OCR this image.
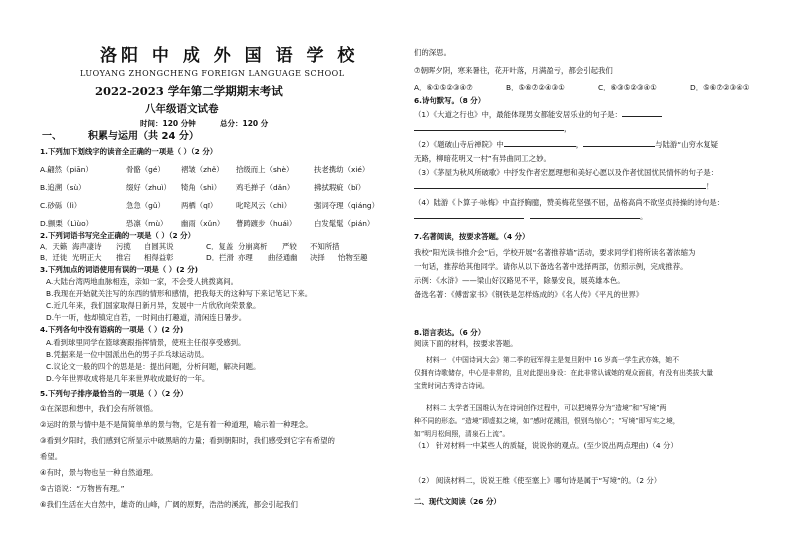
洛阳 中 成 外 国 语 学 校
LUOYANG ZHONGCHENG FOREIGN LANGUAGE SCHOOL
2022-2023 学年第二学期期末考试
八年级语文试卷
时间：120 分钟	总分：120 分
一、	积累与运用（共 24 分）
1.下列加下划线字的读音全正确的一项是（ ）（2 分）
A.翩然（piān）	骨骼（gé） 褶皱（zhě） 拾级而上（shè）	扶老携幼（xié）
B.追溯（sù）	缀好（zhuì） 犄角（shì） 鸡毛掸子（dǎn）	拂拭瑕疵（bǐ）
C.砂砾（lì）	急急（gǔ） 两栖（qī）	叱咤风云（chì）	强词夺理（qiáng）
D.颤栗（Lìùo）	恐凛（mù） 幽雨（xǔn） 瞢踌踱步（huáì） 白发髦髦（pián）
2.下列词语书写完全正确的一项是（ ）（2 分）
A．天籁 海声凄诗 污揽 自圆其说	C．复盖 分崩离析 严较 不知所措
B．迁徙 光明正大 推宕 相得益彰	D．拦滑 亦理 曲径通幽 决择 怡物至趣
3.下列加点的词语使用有误的一项是（ ）(2 分)
A.大陆台湾两地血脉相连，亲如一家，不会受人挑拨离间。
B.我现在开始就关注写的东西的情形和感情，把我每天的这种写下来记笔记下来。
C.近几年来，我们国家取得日新月异，发展中一片欣欣向荣景象。
D.午一听，他却镇定自若，一时间由打趣道，清闲连日暑步。
4.下列各句中没有语病的一项是（ ）(2 分)
A.看到球里同学在篮球赛跟指挥情景，使班主任很享受感到。
B.凭据来是一位中国派出色的男子乒乓球运动员。
C.议论文一般的四个的思是是：提出问题，分析问题，解决问题。
D.今年世界收成将是几年来世界收成最好的一年。
5.下列句子排序最恰当的一项是（ ）（2 分）
①在深思和想中，我们会有所领悟。
②运时的景与情中是不是简简单单的景与物，它是有着一种道理，喻示着一种理念。
③看到夕阳时，我们感到它所显示中破黑暗的力量；看到朝阳时，我们感受到它字有希望的
希望。
④有时，景与物也呈一种自然道理。
⑤古语说：“万物皆有理。”
⑥我们生活在大自然中，雄奇的山峰，广阔的原野，浩浩的溪流，都会引起我们
们的深思。
⑦朝晖夕阴，寒来暑往，花开叶落，月满盈亏，都会引起我们
A．⑥①⑤②③④⑦	B．⑤⑥⑦②④③①	C．⑥③⑤②③④①	D．⑤⑥⑦②③④①
6.诗句默写。（8 分）
（1）《大道之行也》中，最能体现男女都能安居乐业的句子是：
，
（2）《题破山寺后禅院》中	，	与陆游“山穷水复疑
无路，柳暗花明又一村”有异曲同工之妙。
（3）《茅屋为秋风所破歌》中抒发作者宏愿理想和美好心愿以及作者忧国忧民情怀的句子是：
！
（4）陆游《卜算子·咏梅》中直抒胸臆，赞美梅花坚强不屈，品格高尚不欲坚贞持操的诗句是：
。
7.名著阅读，按要求答题。（4 分）
我校“阳光读书推介会”后，学校开展“名著推荐墙”活动，要求同学们将所读名著浓缩为
一句话，推荐给其他同学。请你从以下备选名著中选择两部，仿照示例，完成推荐。
示例：《水浒》——梁山好汉路见不平，除暴安良，展英雄本色。
备选名著：《傅雷家书》《钢铁是怎样炼成的》《名人传》《平凡的世界》
8.语言表达。（6 分）
阅读下面的材料，按要求答题。
材料一 《中国诗词大会》第二季的冠军得主是复旦附中 16 岁高一学生武亦姝，她不
仅拥有诗歌储存，中心是非常的，且对此提出身设：在此非常认诚她的观众面前，有没有出类拔大量
宝贵时词古秀诗古诗词。
材料二 太学者王国维认为在诗词创作过程中，可以把境界分为“造境”和“写境”两
种不同的形态。“造境”即虚拟之境，如“感时花溅泪，恨别鸟惊心”；“写境”即写实之境，
如“明月松间照，清泉石上流”。
（1） 针对材料一中某些人的质疑，说说你的观点。(至少说出两点理由)（4 分）
（2） 阅读材料二，说说王维《使至塞上》哪句诗是属于“写境”的。（2 分）
二、现代文阅读（26 分）
